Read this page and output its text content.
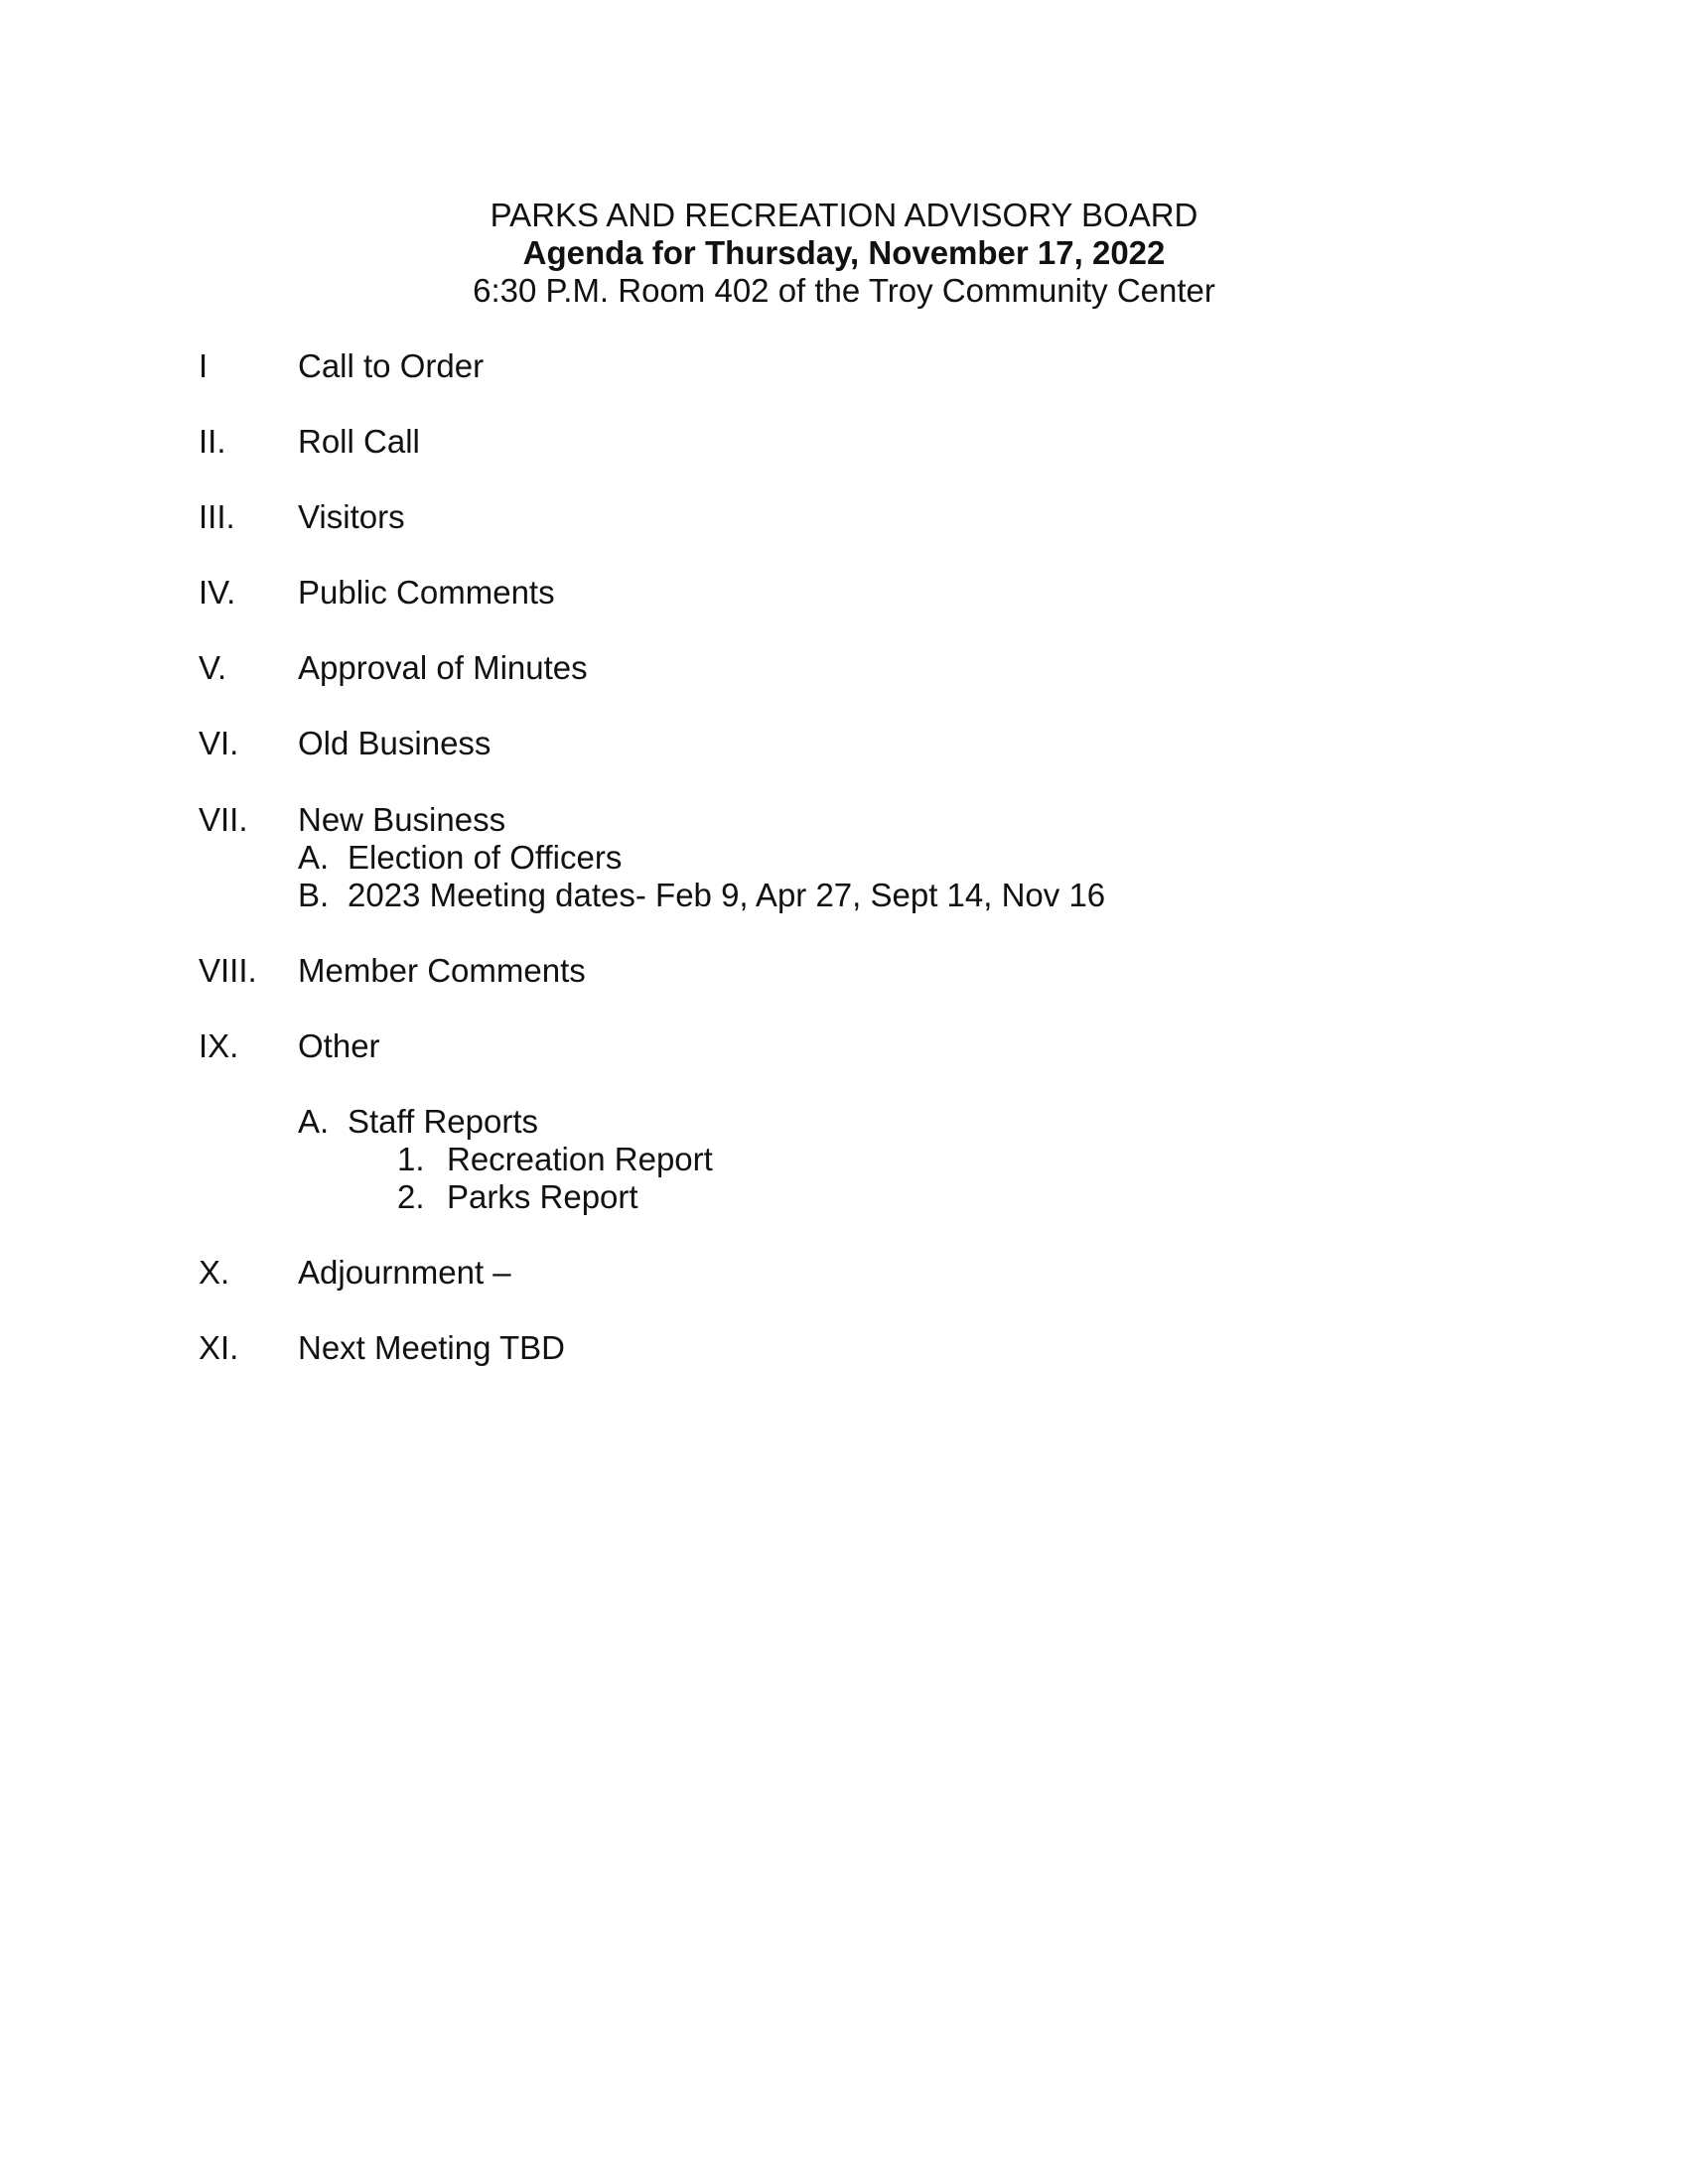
PARKS AND RECREATION ADVISORY BOARD
Agenda for Thursday, November 17, 2022
6:30 P.M. Room 402 of the Troy Community Center
I	Call to Order
II. Roll Call
III. Visitors
IV. Public Comments
V. Approval of Minutes
VI. Old Business
VII. New Business
A. Election of Officers
B. 2023 Meeting dates- Feb 9, Apr 27, Sept 14, Nov 16
VIII. Member Comments
IX. Other
A. Staff Reports
1. Recreation Report
2. Parks Report
X. Adjournment –
XI. Next Meeting TBD
